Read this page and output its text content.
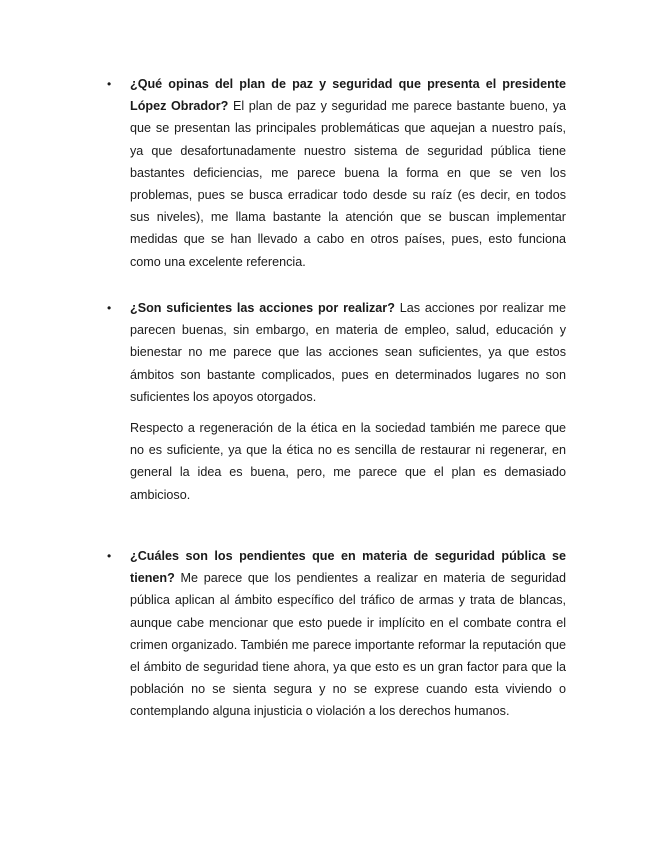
• ¿Qué opinas del plan de paz y seguridad que presenta el presidente López Obrador? El plan de paz y seguridad me parece bastante bueno, ya que se presentan las principales problemáticas que aquejan a nuestro país, ya que desafortunadamente nuestro sistema de seguridad pública tiene bastantes deficiencias, me parece buena la forma en que se ven los problemas, pues se busca erradicar todo desde su raíz (es decir, en todos sus niveles), me llama bastante la atención que se buscan implementar medidas que se han llevado a cabo en otros países, pues, esto funciona como una excelente referencia.

• ¿Son suficientes las acciones por realizar? Las acciones por realizar me parecen buenas, sin embargo, en materia de empleo, salud, educación y bienestar no me parece que las acciones sean suficientes, ya que estos ámbitos son bastante complicados, pues en determinados lugares no son suficientes los apoyos otorgados.

Respecto a regeneración de la ética en la sociedad también me parece que no es suficiente, ya que la ética no es sencilla de restaurar ni regenerar, en general la idea es buena, pero, me parece que el plan es demasiado ambicioso.

• ¿Cuáles son los pendientes que en materia de seguridad pública se tienen? Me parece que los pendientes a realizar en materia de seguridad pública aplican al ámbito específico del tráfico de armas y trata de blancas, aunque cabe mencionar que esto puede ir implícito en el combate contra el crimen organizado. También me parece importante reformar la reputación que el ámbito de seguridad tiene ahora, ya que esto es un gran factor para que la población no se sienta segura y no se exprese cuando esta viviendo o contemplando alguna injusticia o violación a los derechos humanos.
